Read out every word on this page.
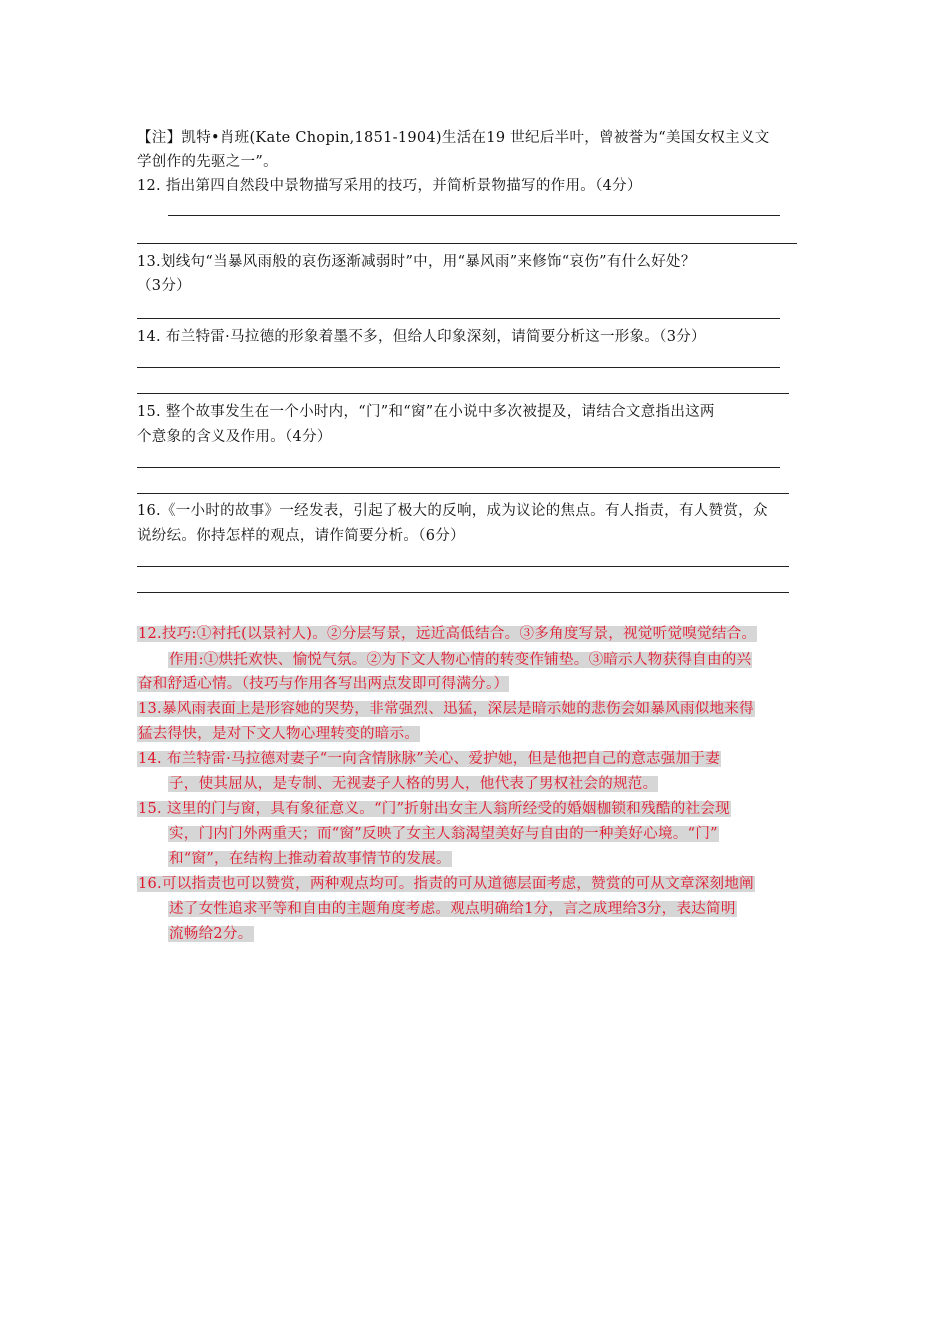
【注】凯特•肖班(Kate Chopin,1851-1904)生活在19 世纪后半叶，曾被誉为“美国女权主义文
学创作的先驱之一”。
12. 指出第四自然段中景物描写采用的技巧，并简析景物描写的作用。（4分）
13.划线句“当暴风雨般的哀伤逐渐减弱时”中，用“暴风雨”来修饰“哀伤”有什么好处？
（3分）
14. 布兰特雷·马拉德的形象着墨不多，但给人印象深刻，请简要分析这一形象。（3分）
15. 整个故事发生在一个小时内，“门”和“窗”在小说中多次被提及，请结合文意指出这两
个意象的含义及作用。（4分）
16.《一小时的故事》一经发表，引起了极大的反响，成为议论的焦点。有人指责，有人赞赏，众
说纷纭。你持怎样的观点，请作简要分析。（6分）
12.技巧:①衬托(以景衬人)。②分层写景，远近高低结合。③多角度写景，视觉听觉嗅觉结合。
作用:①烘托欢快、愉悦气氛。②为下文人物心情的转变作铺垫。③暗示人物获得自由的兴
奋和舒适心情。（技巧与作用各写出两点发即可得满分。）
13.暴风雨表面上是形容她的哭势，非常强烈、迅猛，深层是暗示她的悲伤会如暴风雨似地来得
猛去得快，是对下文人物心理转变的暗示。
14. 布兰特雷·马拉德对妻子“一向含情脉脉”关心、爱护她，但是他把自己的意志强加于妻
子，使其屈从，是专制、无视妻子人格的男人，他代表了男权社会的规范。
15. 这里的门与窗，具有象征意义。“门”折射出女主人翁所经受的婚姻枷锁和残酷的社会现
实，门内门外两重天；而“窗”反映了女主人翁渴望美好与自由的一种美好心境。“门”
和“窗”，在结构上推动着故事情节的发展。
16.可以指责也可以赞赏，两种观点均可。指责的可从道德层面考虑，赞赏的可从文章深刻地阐
述了女性追求平等和自由的主题角度考虑。观点明确给1分，言之成理给3分，表达简明
流畅给2分。
